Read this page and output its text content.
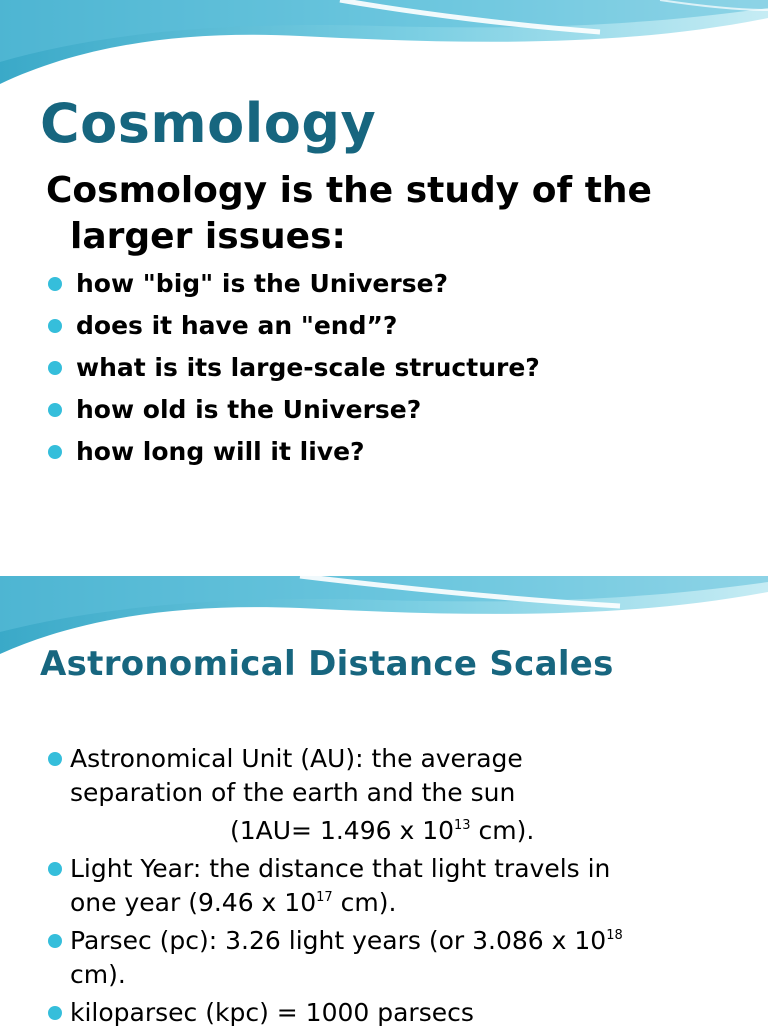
Cosmology

Cosmology is the study of the
larger issues:

how "big" is the Universe?
does it have an "end”?
what is its large-scale structure?
how old is the Universe?
how long will it live?
Astronomical Distance Scales
Astronomical Unit (AU): the average
separation of the earth and the sun
(1AU= 1.496 x $10^{13}$ cm).
Light Year: the distance that light travels in
one year (9.46 x $10^{17}$ cm).
Parsec (pc): 3.26 light years (or 3.086 x $10^{18}$
cm).
kiloparsec (kpc) = 1000 parsecs
